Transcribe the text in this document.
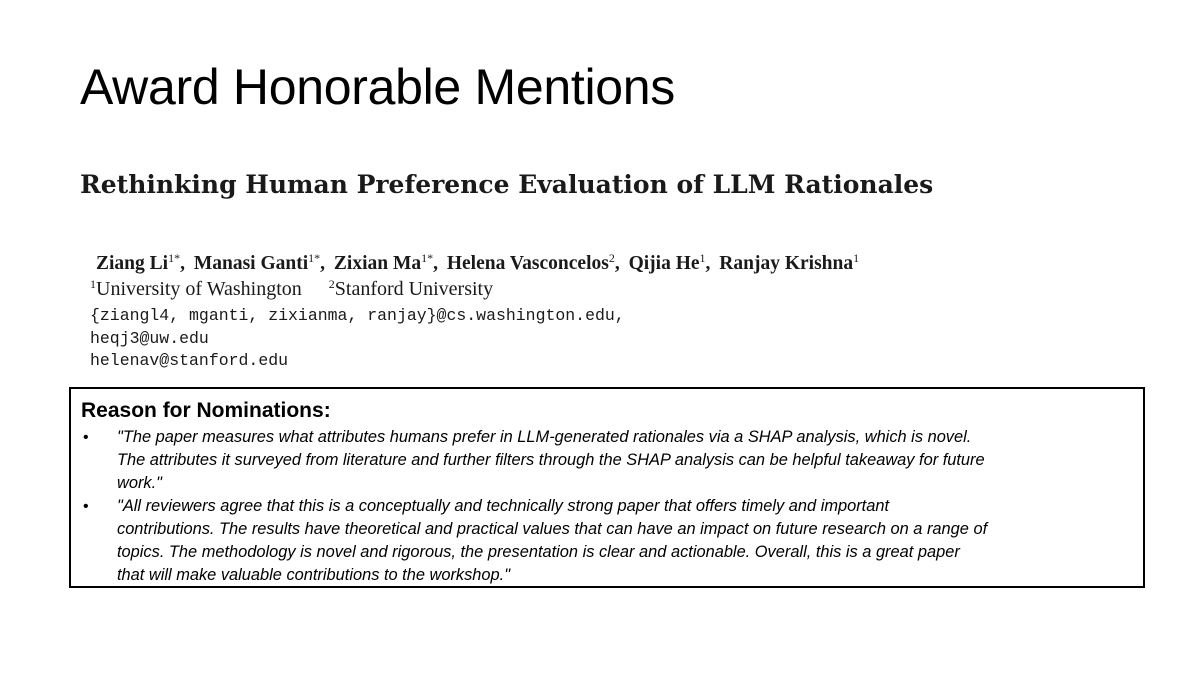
Award Honorable Mentions
Rethinking Human Preference Evaluation of LLM Rationales
Ziang $Li^{1*}$, Manasi Ganti$^{1*}$, Zixian $Ma^{1*}$, Helena Vasconcelos$^2$, Qijia He$^1$, Ranjay Krishna$^1$
$^1$University of Washington $^2$Stanford University
{ziangl4, mganti, zixianma, ranjay}@cs.washington.edu,
heqj3@uw.edu
helenav@stanford.edu
Reason for Nominations:
• "The paper measures what attributes humans prefer in LLM-generated rationales via a SHAP analysis, which is novel.
The attributes it surveyed from literature and further filters through the SHAP analysis can be helpful takeaway for future
work."
• "All reviewers agree that this is a conceptually and technically strong paper that offers timely and important
contributions. The results have theoretical and practical values that can have an impact on future research on a range of
topics. The methodology is novel and rigorous, the presentation is clear and actionable. Overall, this is a great paper
that will make valuable contributions to the workshop."
